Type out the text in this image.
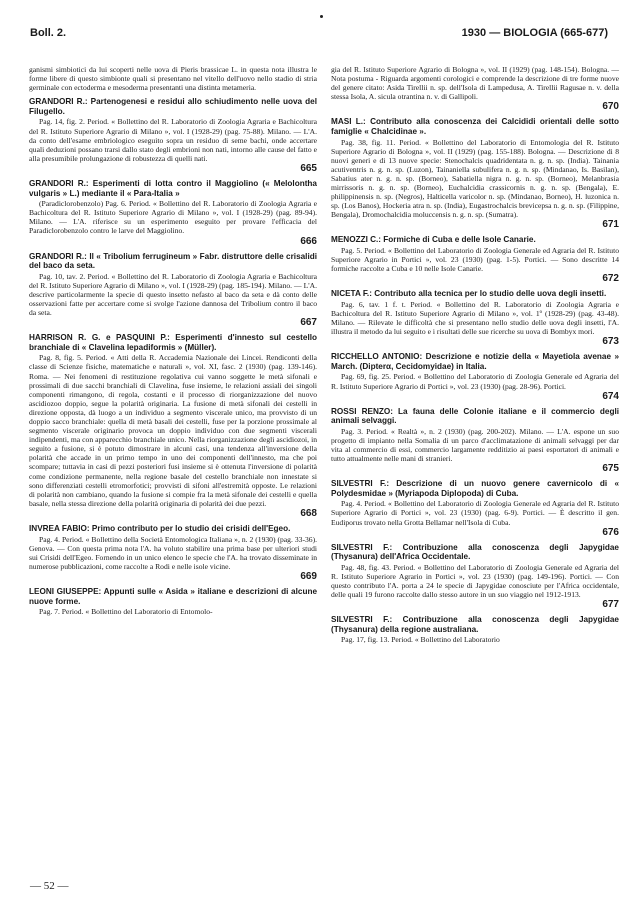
Boll. 2.	1930 — BIOLOGIA (665-677)
ganismi simbiotici da lui scoperti nelle uova di Pieris brassicae L. in questa nota illustra le forme libere di questo simbionte quali si presentano nel vitello dell'uovo nello stadio di stria germinale con ectoderma e mesoderma presentanti una distinta metameria.
GRANDORI R.: Partenogenesi e residui allo schiudimento nelle uova del Filugello.
Pag. 14, fig. 2. Period. « Bollettino del R. Laboratorio di Zoologia Agraria e Bachicoltura del R. Istituto Superiore Agrario di Milano », vol. I (1928-29) (pag. 75-88). Milano. — L'A. da conto dell'esame embriologico eseguito sopra un residuo di seme bachi, onde accertare quali deduzioni possano trarsi dallo stato degli embrioni non nati, intorno alle cause del fatto e alla presumibile prolungazione di robustezza di quelli nati.
665
GRANDORI R.: Esperimenti di lotta contro il Maggiolino (« Melolontha vulgaris » L.) mediante il « Para-Italia »
(Paradiclorobenzolo) Pag. 6. Period. « Bollettino del R. Laboratorio di Zoologia Agraria e Bachicoltura del R. Istituto Superiore Agrario di Milano », vol. I (1928-29) (pag. 89-94). Milano. — L'A. riferisce su un esperimento eseguito per provare l'efficacia del Paradiclorobenzolo contro le larve del Maggiolino.
666
GRANDORI R.: Il « Tribolium ferrugineum » Fabr. distruttore delle crisalidi del baco da seta.
Pag. 10, tav. 2. Period. « Bollettino del R. Laboratorio di Zoologia Agraria e Bachicoltura del R. Istituto Superiore Agrario di Milano », vol. I (1928-29) (pag. 185-194). Milano. — L'A. descrive particolarmente la specie di questo insetto nefasto al baco da seta e dà conto delle osservazioni fatte per accertare come si svolge l'azione dannosa del Tribolium contro il baco da seta.
667
HARRISON R. G. e PASQUINI P.: Esperimenti d'innesto sul cestello branchiale di « Clavelina lepadiformis » (Müller).
Pag. 8, fig. 5. Period. « Atti della R. Accademia Nazionale dei Lincei. Rendiconti della classe di Scienze fisiche, matematiche e naturali », vol. XI, fasc. 2 (1930) (pag. 139-146). Roma. — Nei fenomeni di restituzione regolativa cui vanno soggette le metà sifonali e prossimali di due sacchi branchiali di Clavelina, fuse insieme, le relazioni assiali dei singoli componenti rimangono, di regola, costanti e il processo di riorganizzazione del nuovo ascidiozoo doppio, segue la polarità originaria. La fusione di metà sifonali dei cestelli in direzione opposta, dà luogo a un individuo a segmento viscerale unico, ma provvisto di un doppio sacco branchiale: quella di metà basali dei cestelli, fuse per la porzione prossimale al segmento viscerale originario provoca un doppio individuo con due segmenti viscerali indipendenti, ma con apparecchio branchiale unico. Nella riorganizzazione degli ascidiozoi, in seguito a fusione, si è potuto dimostrare in alcuni casi, una tendenza all'inversione della polarità che accade in un primo tempo in uno dei componenti dell'innesto, ma che poi scompare; tuttavia in casi di pezzi posteriori fusi insieme si è ottenuta l'inversione di polarità come condizione permanente, nella regione basale del cestello branchiale non innestate si sono differenziati cestelli etromorfotici; provvisti di sifoni all'estremità opposte. Le relazioni di polarità non cambiano, quando la fusione si compie fra la metà sifonale dei cestelli e quella basale, nella stessa direzione della polarità originaria di polarità dei due pezzi.
668
INVREA FABIO: Primo contributo per lo studio dei crisidi dell'Egeo.
Pag. 4. Period. « Bollettino della Società Entomologica Italiana », n. 2 (1930) (pag. 33-36). Genova. — Con questa prima nota l'A. ha voluto stabilire una prima base per ulteriori studi sui Crisidi dell'Egeo. Fornendo in un unico elenco le specie che l'A. ha trovato disseminate in numerose pubblicazioni, come raccolte a Rodi e nelle isole vicine.
669
LEONI GIUSEPPE: Appunti sulle « Asida » italiane e descrizioni di alcune nuove forme.
Pag. 7. Period. « Bollettino del Laboratorio di Entomolo-
gia del R. Istituto Superiore Agrario di Bologna », vol. II (1929) (pag. 148-154). Bologna. — Nota postuma - Riguarda argomenti corologici e comprende la descrizione di tre forme nuove del genere citato: Asida Tirellii n. sp. dell'Isola di Lampedusa, A. Tirellii Ragusae n. v. della stessa Isola, A. sicula otrantina n. v. di Gallipoli.
670
MASI L.: Contributo alla conoscenza dei Calcididi orientali delle sotto famiglie « Chalcidinae ».
Pag. 38, fig. 11. Period. « Bollettino del Laboratorio di Entomologia del R. Istituto Superiore Agrario di Bologna », vol. II (1929) (pag. 155-188). Bologna. — Descrizione di 8 nuovi generi e di 13 nuove specie: Stenochalcis quadridentata n. g. n. sp. (India). Tainania acutiventris n. g. n. sp. (Luzon), Tainaniella subulifera n. g. n. sp. (Mindanao, Is. Basilan), Sabatius ater n. g. n. sp. (Borneo), Sabatiella nigra n. g. n. sp. (Borneo), Melanbrasia mirrissoris n. g. n. sp. (Borneo), Euchalcidia crassicornis n. g. n. sp. (Bengala), E. philippinensis n. sp. (Negros), Halticella varicolor n. sp. (Mindanao, Borneo), H. luzonica n. sp. (Los Banos), Hockeria atra n. sp. (India), Eugastrochalcis brevicepsa n. g. n. sp. (Filippine, Bengala), Dromochalcidia moluccensis n. g. n. sp. (Sumatra).
671
MENOZZI C.: Formiche di Cuba e delle Isole Canarie.
Pag. 5. Period. « Bollettino del Laboratorio di Zoologia Generale ed Agraria del R. Istituto Superiore Agrario in Portici », vol. 23 (1930) (pag. 1-5). Portici. — Sono descritte 14 formiche raccolte a Cuba e 10 nelle Isole Canarie.
672
NICETA F.: Contributo alla tecnica per lo studio delle uova degli insetti.
Pag. 6, tav. 1 f. t. Period. « Bollettino del R. Laboratorio di Zoologia Agraria e Bachicoltura del R. Istituto Superiore Agrario di Milano », vol. 1º (1928-29) (pag. 43-48). Milano. — Rilevate le difficoltà che si presentano nello studio delle uova degli insetti, l'A. illustra il metodo da lui seguito e i risultati delle sue ricerche su uova di Bombyx mori.
673
RICCHELLO ANTONIO: Descrizione e notizie della « Mayetiola avenae » March. (Dipterα, Cecidomyidae) in Italia.
Pag. 69, fig. 25. Period. « Bollettino del Laboratorio di Zoologia Generale ed Agraria del R. Istituto Superiore Agrario di Portici », vol. 23 (1930) (pag. 28-96). Portici.
674
ROSSI RENZO: La fauna delle Colonie italiane e il commercio degli animali selvaggi.
Pag. 3. Period. « Realtà », n. 2 (1930) (pag. 200-202). Milano. — L'A. espone un suo progetto di impianto nella Somalia di un parco d'acclimatazione di animali selvaggi per dar vita al commercio di essi, commercio largamente redditizio ai paesi esportatori di animali e tutto attualmente nelle mani di stranieri.
675
SILVESTRI F.: Descrizione di un nuovo genere cavernicolo di « Polydesmidae » (Myriapoda Diplopoda) di Cuba.
Pag. 4. Period. « Bollettino del Laboratorio di Zoologia Generale ed Agraria del R. Istituto Superiore Agrario di Portici », vol. 23 (1930) (pag. 6-9). Portici. — È descritto il gen. Eudiporus trovato nella Grotta Bellamar nell'Isola di Cuba.
676
SILVESTRI F.: Contribuzione alla conoscenza degli Japygidae (Thysanura) dell'Africa Occidentale.
Pag. 48, fig. 43. Period. « Bollettino del Laboratorio di Zoologia Generale ed Agraria del R. Istituto Superiore Agrario in Portici », vol. 23 (1930) (pag. 149-196). Portici. — Con questo contributo l'A. porta a 24 le specie di Japygidae conosciute per l'Africa occidentale, delle quali 19 furono raccolte dallo stesso autore in un suo viaggio nel 1912-1913.
677
SILVESTRI F.: Contribuzione alla conoscenza degli Japygidae (Thysanura) della regione australiana.
Pag. 17, fig. 13. Period. « Bollettino del Laboratorio
— 52 —
